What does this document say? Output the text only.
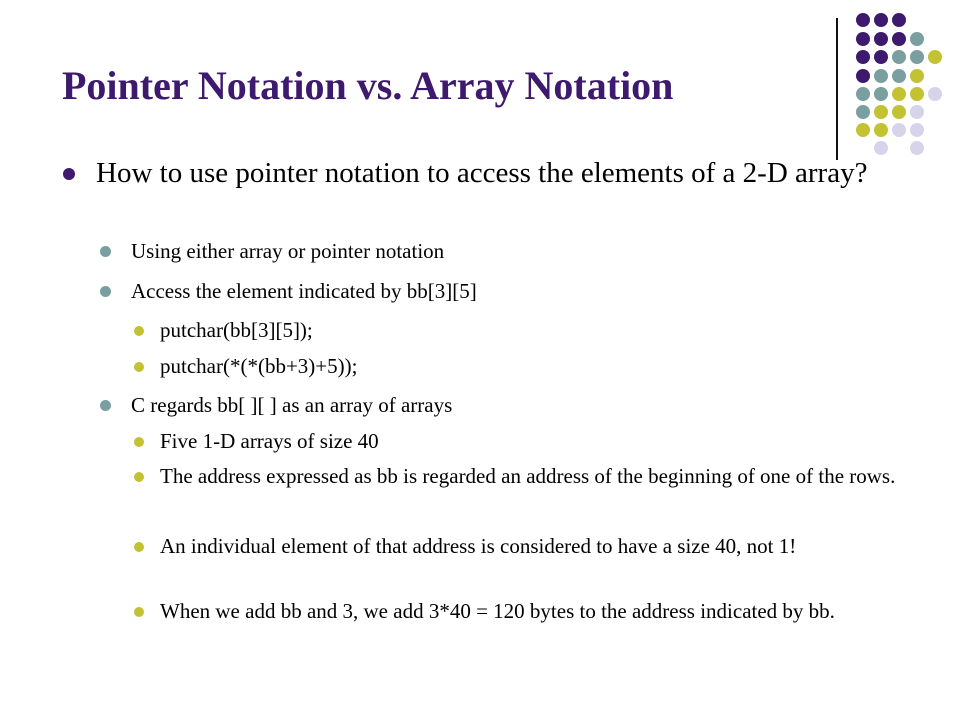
Pointer Notation vs. Array Notation
How to use pointer notation to access the elements of a 2-D array?
Using either array or pointer notation
Access the element indicated by bb[3][5]
putchar(bb[3][5]);
putchar(*(*(bb+3)+5));
C regards bb[ ][ ] as an array of arrays
Five 1-D arrays of size 40
The address expressed as bb is regarded an address of the beginning of one of the rows.
An individual element of that address is considered to have a size 40, not 1!
When we add bb and 3, we add 3*40 = 120 bytes to the address indicated by bb.
